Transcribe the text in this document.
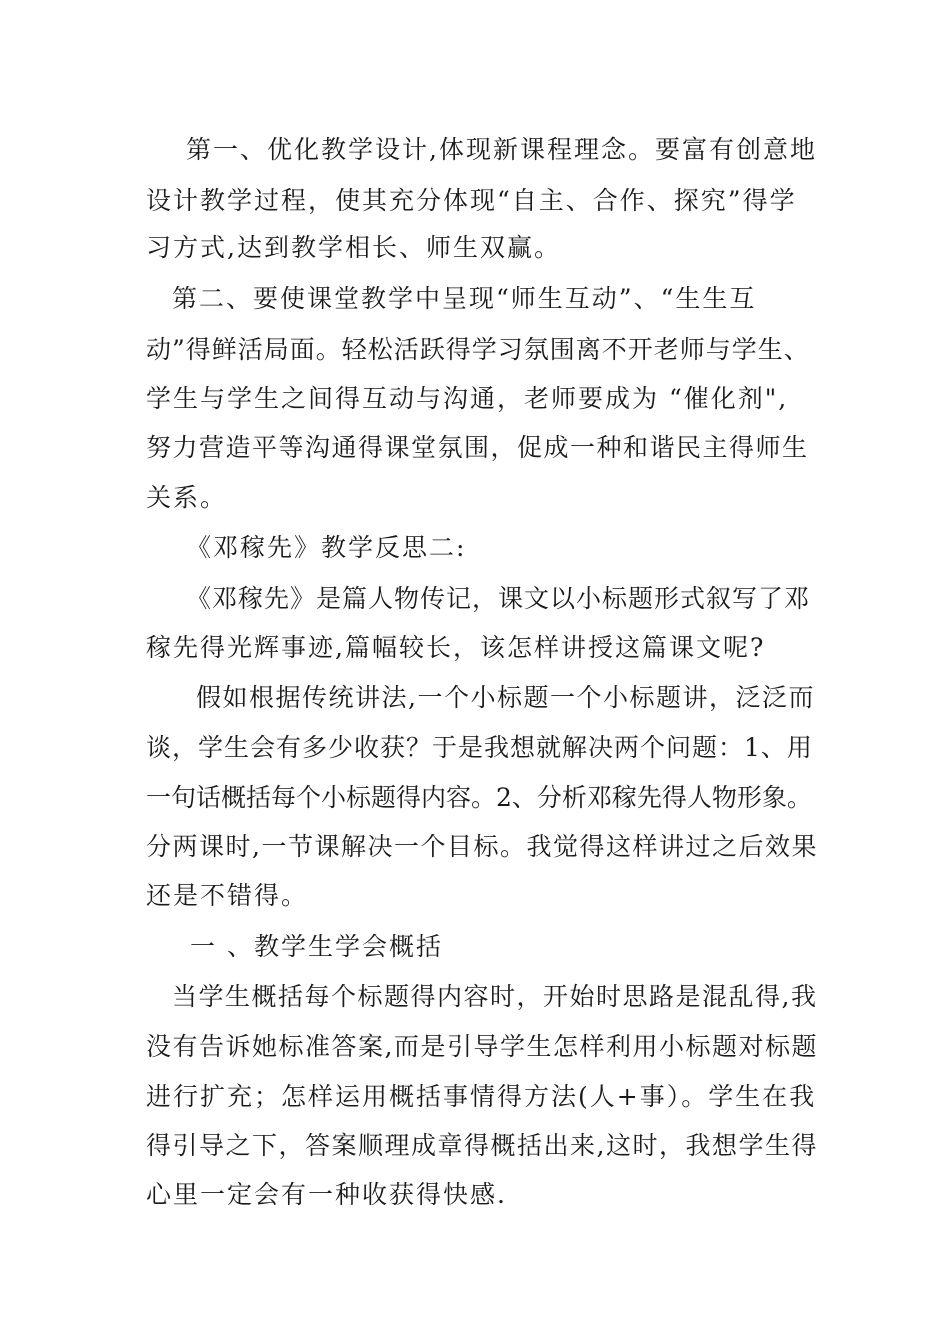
第一、优化教学设计,体现新课程理念。要富有创意地
设计教学过程，使其充分体现“自主、合作、探究”得学
习方式,达到教学相长、师生双赢。
第二、要使课堂教学中呈现“师生互动”、“生生互
动”得鲜活局面。轻松活跃得学习氛围离不开老师与学生、
学生与学生之间得互动与沟通，老师要成为 “催化剂",
努力营造平等沟通得课堂氛围，促成一种和谐民主得师生
关系。
《邓稼先》教学反思二:
《邓稼先》是篇人物传记，课文以小标题形式叙写了邓
稼先得光辉事迹,篇幅较长，该怎样讲授这篇课文呢?
假如根据传统讲法,一个小标题一个小标题讲，泛泛而
谈，学生会有多少收获？于是我想就解决两个问题：1、用
一句话概括每个小标题得内容。2、分析邓稼先得人物形象。
分两课时,一节课解决一个目标。我觉得这样讲过之后效果
还是不错得。
一 、教学生学会概括
当学生概括每个标题得内容时，开始时思路是混乱得,我
没有告诉她标准答案,而是引导学生怎样利用小标题对标题
进行扩充；怎样运用概括事情得方法(人+事）。学生在我
得引导之下，答案顺理成章得概括出来,这时，我想学生得
心里一定会有一种收获得快感.
